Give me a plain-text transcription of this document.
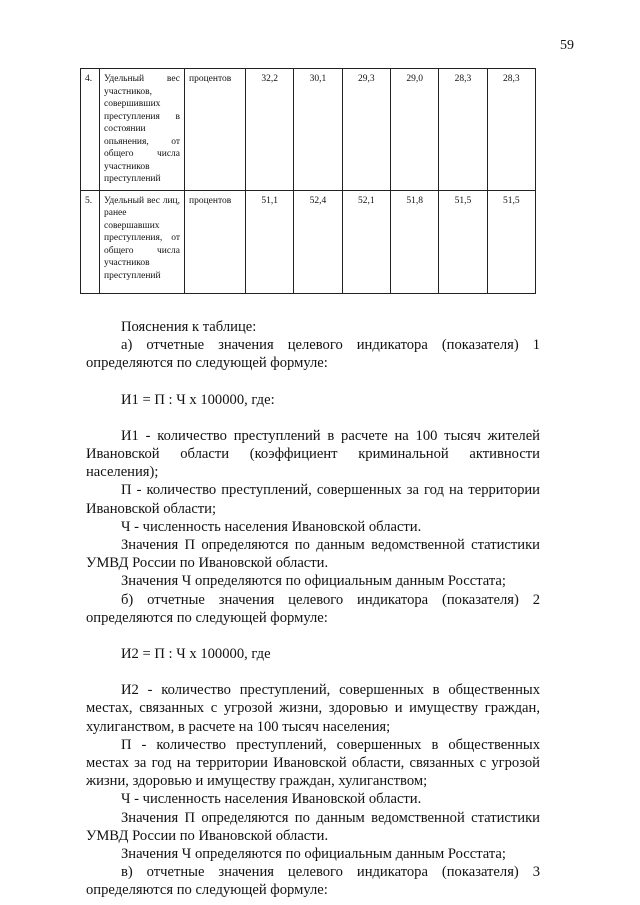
59
4.	Удельный вес участников, совершивших преступления в состоянии опьянения, от общего числа участников преступлений	процентов	32,2	30,1	29,3	29,0	28,3	28,3
5.	Удельный вес лиц, ранее совершавших преступления, от общего числа участников преступлений	процентов	51,1	52,4	52,1	51,8	51,5	51,5

Пояснения к таблице:

а) отчетные значения целевого индикатора (показателя) 1 определяются по следующей формуле:

И1 = П : Ч х 100000, где:

И1 - количество преступлений в расчете на 100 тысяч жителей Ивановской области (коэффициент криминальной активности населения);

П - количество преступлений, совершенных за год на территории Ивановской области;

Ч - численность населения Ивановской области.

Значения П определяются по данным ведомственной статистики УМВД России по Ивановской области.

Значения Ч определяются по официальным данным Росстата;

б) отчетные значения целевого индикатора (показателя) 2 определяются по следующей формуле:

И2 = П : Ч х 100000, где

И2 - количество преступлений, совершенных в общественных местах, связанных с угрозой жизни, здоровью и имуществу граждан, хулиганством, в расчете на 100 тысяч населения;

П - количество преступлений, совершенных в общественных местах за год на территории Ивановской области, связанных с угрозой жизни, здоровью и имуществу граждан, хулиганством;

Ч - численность населения Ивановской области.

Значения П определяются по данным ведомственной статистики УМВД России по Ивановской области.

Значения Ч определяются по официальным данным Росстата;

в) отчетные значения целевого индикатора (показателя) 3 определяются по следующей формуле:
